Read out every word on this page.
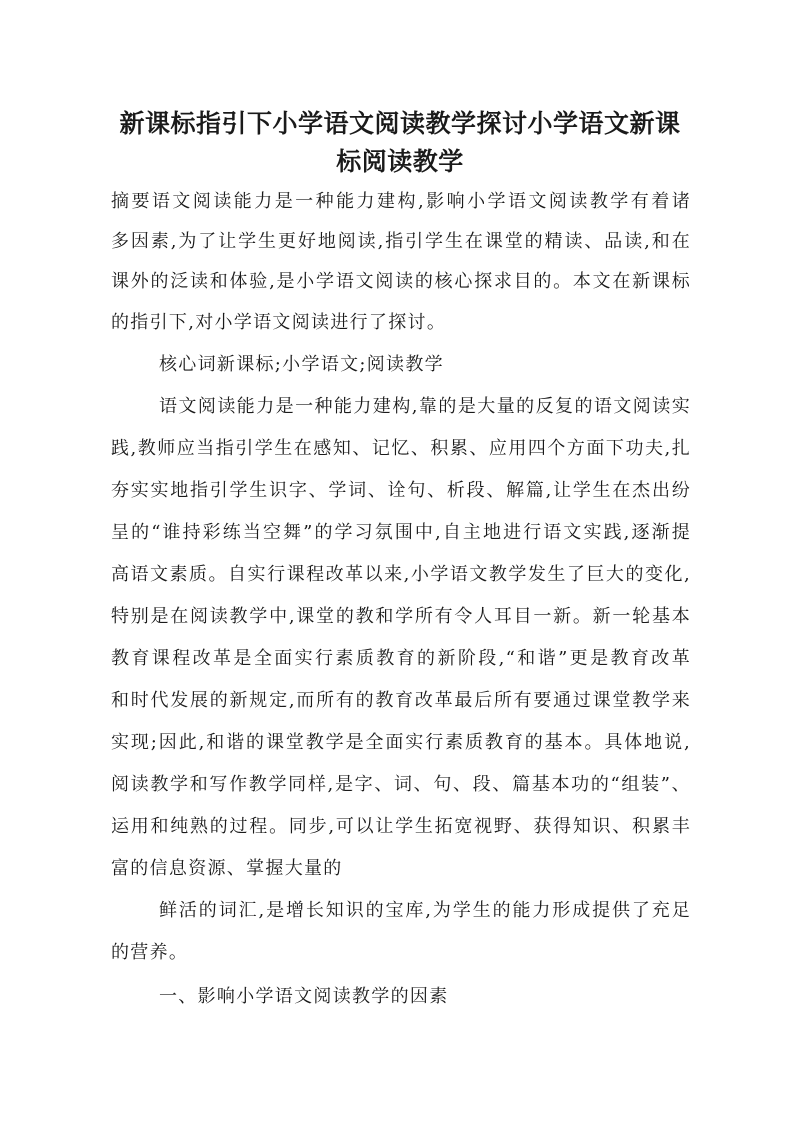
新课标指引下小学语文阅读教学探讨小学语文新课
标阅读教学
摘要语文阅读能力是一种能力建构,影响小学语文阅读教学有着诸
多因素,为了让学生更好地阅读,指引学生在课堂的精读、品读,和在
课外的泛读和体验,是小学语文阅读的核心探求目的。本文在新课标
的指引下,对小学语文阅读进行了探讨。
核心词新课标;小学语文;阅读教学
语文阅读能力是一种能力建构,靠的是大量的反复的语文阅读实
践,教师应当指引学生在感知、记忆、积累、应用四个方面下功夫,扎
夯实实地指引学生识字、学词、诠句、析段、解篇,让学生在杰出纷
呈的“谁持彩练当空舞”的学习氛围中,自主地进行语文实践,逐渐提
高语文素质。自实行课程改革以来,小学语文教学发生了巨大的变化,
特别是在阅读教学中,课堂的教和学所有令人耳目一新。新一轮基本
教育课程改革是全面实行素质教育的新阶段,“和谐”更是教育改革
和时代发展的新规定,而所有的教育改革最后所有要通过课堂教学来
实现;因此,和谐的课堂教学是全面实行素质教育的基本。具体地说,
阅读教学和写作教学同样,是字、词、句、段、篇基本功的“组装”、
运用和纯熟的过程。同步,可以让学生拓宽视野、获得知识、积累丰
富的信息资源、掌握大量的
鲜活的词汇,是增长知识的宝库,为学生的能力形成提供了充足
的营养。
一、影响小学语文阅读教学的因素
